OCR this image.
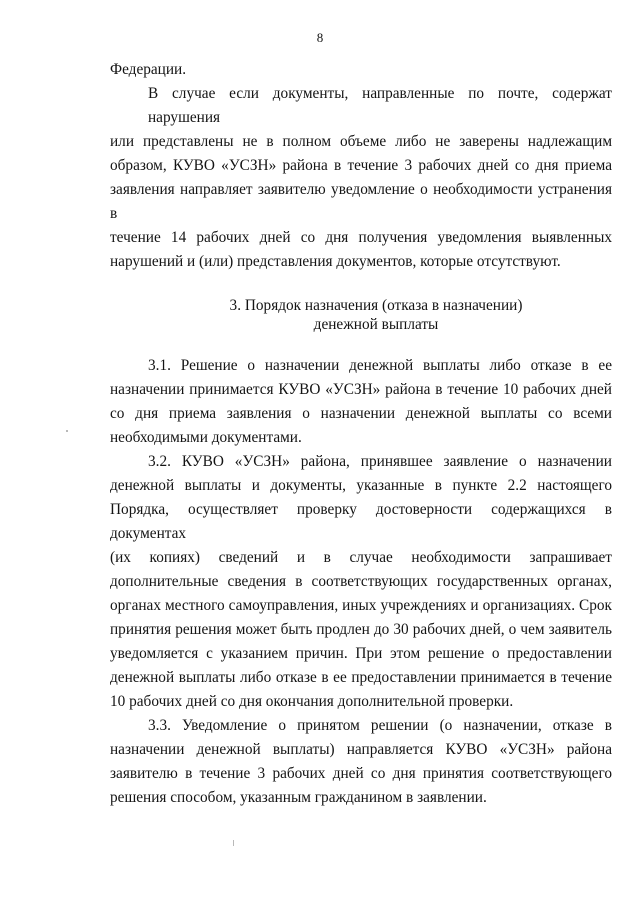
8

Федерации.

В случае если документы, направленные по почте, содержат нарушения
или представлены не в полном объеме либо не заверены надлежащим
образом, КУВО «УСЗН» района в течение 3 рабочих дней со дня приема
заявления направляет заявителю уведомление о необходимости устранения в
течение 14 рабочих дней со дня получения уведомления выявленных
нарушений и (или) представления документов, которые отсутствуют.

3. Порядок назначения (отказа в назначении)
денежной выплаты

3.1. Решение о назначении денежной выплаты либо отказе в ее
назначении принимается КУВО «УСЗН» района в течение 10 рабочих дней
со дня приема заявления о назначении денежной выплаты со всеми
необходимыми документами.

3.2. КУВО «УСЗН» района, принявшее заявление о назначении
денежной выплаты и документы, указанные в пункте 2.2 настоящего
Порядка, осуществляет проверку достоверности содержащихся в документах
(их копиях) сведений и в случае необходимости запрашивает
дополнительные сведения в соответствующих государственных органах,
органах местного самоуправления, иных учреждениях и организациях. Срок
принятия решения может быть продлен до 30 рабочих дней, о чем заявитель
уведомляется с указанием причин. При этом решение о предоставлении
денежной выплаты либо отказе в ее предоставлении принимается в течение
10 рабочих дней со дня окончания дополнительной проверки.

3.3. Уведомление о принятом решении (о назначении, отказе в
назначении денежной выплаты) направляется КУВО «УСЗН» района
заявителю в течение 3 рабочих дней со дня принятия соответствующего
решения способом, указанным гражданином в заявлении.
